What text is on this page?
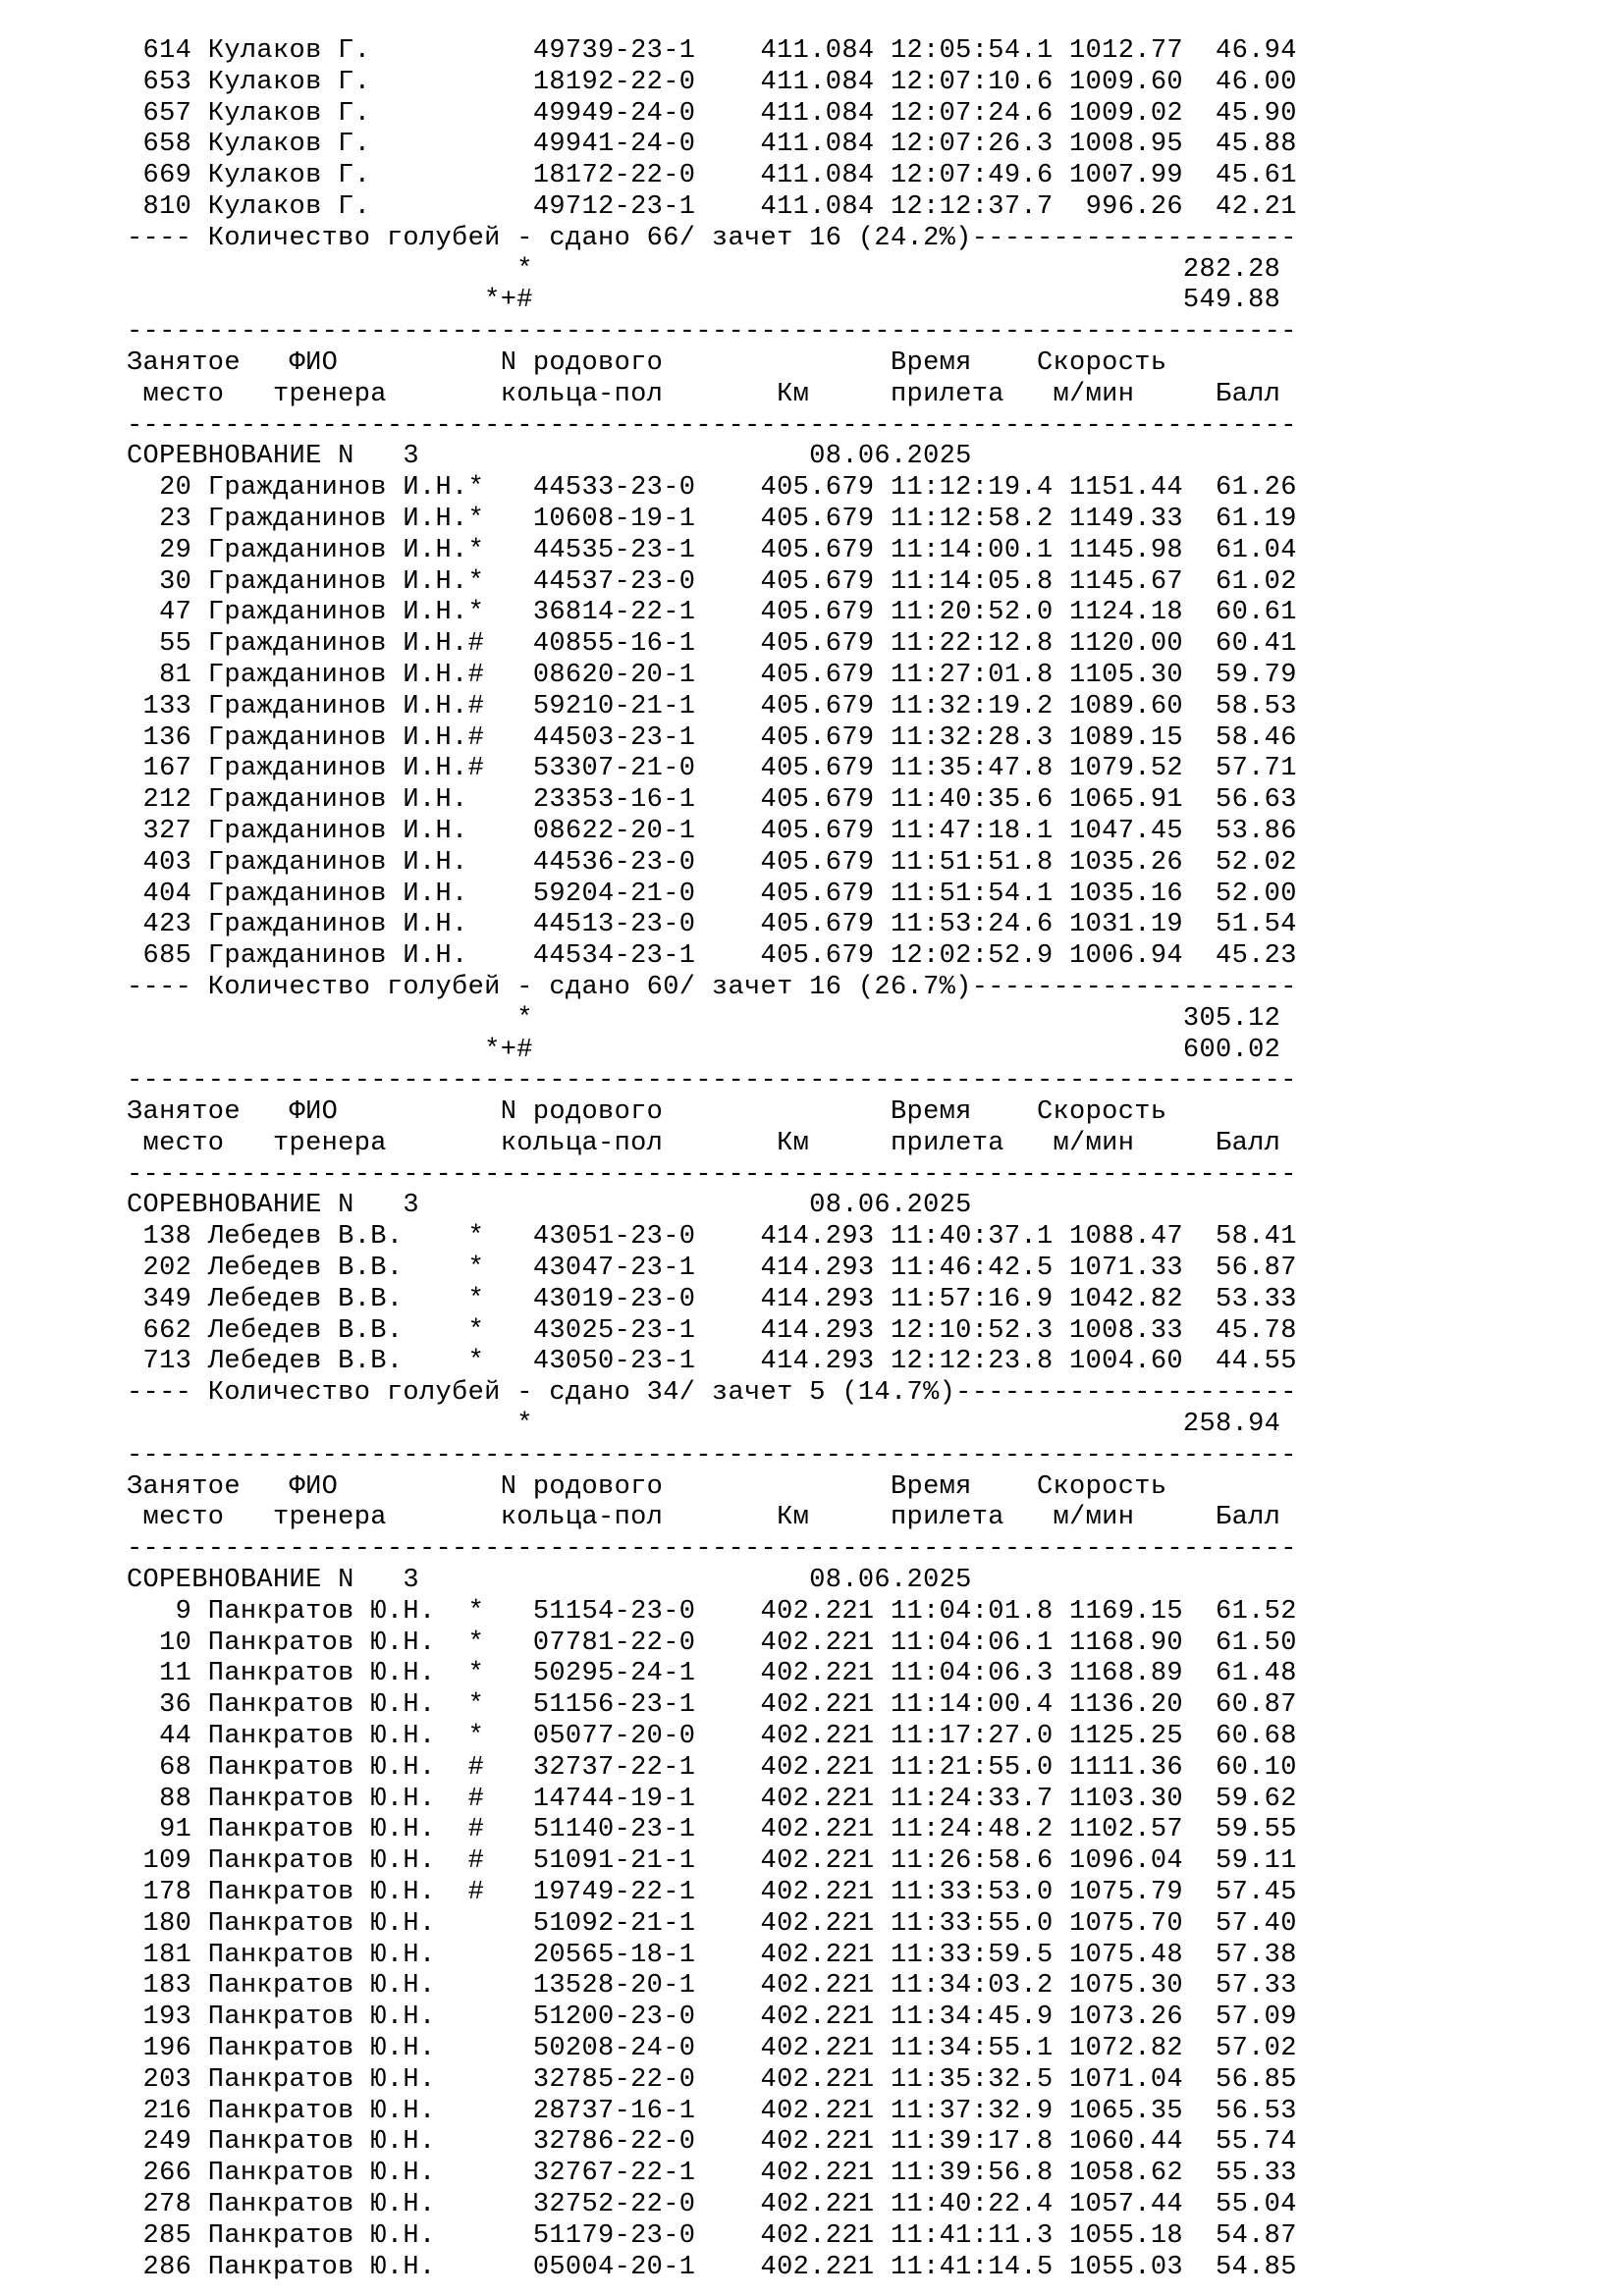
614 Кулаков Г.          49739-23-1    411.084 12:05:54.1 1012.77  46.94
653 Кулаков Г.          18192-22-0    411.084 12:07:10.6 1009.60  46.00
657 Кулаков Г.          49949-24-0    411.084 12:07:24.6 1009.02  45.90
658 Кулаков Г.          49941-24-0    411.084 12:07:26.3 1008.95  45.88
669 Кулаков Г.          18172-22-0    411.084 12:07:49.6 1007.99  45.61
810 Кулаков Г.          49712-23-1    411.084 12:12:37.7  996.26  42.21
---- Количество голубей - сдано 66/ зачет 16 (24.2%)--------------------
*                                        282.28
*+#                                        549.88
------------------------------------------------------------------------
Занятое   ФИО          N родового              Время    Скорость
место   тренера       кольца-пол       Км     прилета   м/мин     Балл
------------------------------------------------------------------------
СОРЕВНОВАНИЕ N   3                        08.06.2025
20 Гражданинов И.Н.*   44533-23-0    405.679 11:12:19.4 1151.44  61.26
23 Гражданинов И.Н.*   10608-19-1    405.679 11:12:58.2 1149.33  61.19
29 Гражданинов И.Н.*   44535-23-1    405.679 11:14:00.1 1145.98  61.04
30 Гражданинов И.Н.*   44537-23-0    405.679 11:14:05.8 1145.67  61.02
47 Гражданинов И.Н.*   36814-22-1    405.679 11:20:52.0 1124.18  60.61
55 Гражданинов И.Н.#   40855-16-1    405.679 11:22:12.8 1120.00  60.41
81 Гражданинов И.Н.#   08620-20-1    405.679 11:27:01.8 1105.30  59.79
133 Гражданинов И.Н.#   59210-21-1    405.679 11:32:19.2 1089.60  58.53
136 Гражданинов И.Н.#   44503-23-1    405.679 11:32:28.3 1089.15  58.46
167 Гражданинов И.Н.#   53307-21-0    405.679 11:35:47.8 1079.52  57.71
212 Гражданинов И.Н.    23353-16-1    405.679 11:40:35.6 1065.91  56.63
327 Гражданинов И.Н.    08622-20-1    405.679 11:47:18.1 1047.45  53.86
403 Гражданинов И.Н.    44536-23-0    405.679 11:51:51.8 1035.26  52.02
404 Гражданинов И.Н.    59204-21-0    405.679 11:51:54.1 1035.16  52.00
423 Гражданинов И.Н.    44513-23-0    405.679 11:53:24.6 1031.19  51.54
685 Гражданинов И.Н.    44534-23-1    405.679 12:02:52.9 1006.94  45.23
---- Количество голубей - сдано 60/ зачет 16 (26.7%)--------------------
*                                        305.12
*+#                                        600.02
------------------------------------------------------------------------
Занятое   ФИО          N родового              Время    Скорость
место   тренера       кольца-пол       Км     прилета   м/мин     Балл
------------------------------------------------------------------------
СОРЕВНОВАНИЕ N   3                        08.06.2025
138 Лебедев В.В.    *   43051-23-0    414.293 11:40:37.1 1088.47  58.41
202 Лебедев В.В.    *   43047-23-1    414.293 11:46:42.5 1071.33  56.87
349 Лебедев В.В.    *   43019-23-0    414.293 11:57:16.9 1042.82  53.33
662 Лебедев В.В.    *   43025-23-1    414.293 12:10:52.3 1008.33  45.78
713 Лебедев В.В.    *   43050-23-1    414.293 12:12:23.8 1004.60  44.55
---- Количество голубей - сдано 34/ зачет 5 (14.7%)---------------------
*                                        258.94
------------------------------------------------------------------------
Занятое   ФИО          N родового              Время    Скорость
место   тренера       кольца-пол       Км     прилета   м/мин     Балл
------------------------------------------------------------------------
СОРЕВНОВАНИЕ N   3                        08.06.2025
9 Панкратов Ю.Н.  *   51154-23-0    402.221 11:04:01.8 1169.15  61.52
10 Панкратов Ю.Н.  *   07781-22-0    402.221 11:04:06.1 1168.90  61.50
11 Панкратов Ю.Н.  *   50295-24-1    402.221 11:04:06.3 1168.89  61.48
36 Панкратов Ю.Н.  *   51156-23-1    402.221 11:14:00.4 1136.20  60.87
44 Панкратов Ю.Н.  *   05077-20-0    402.221 11:17:27.0 1125.25  60.68
68 Панкратов Ю.Н.  #   32737-22-1    402.221 11:21:55.0 1111.36  60.10
88 Панкратов Ю.Н.  #   14744-19-1    402.221 11:24:33.7 1103.30  59.62
91 Панкратов Ю.Н.  #   51140-23-1    402.221 11:24:48.2 1102.57  59.55
109 Панкратов Ю.Н.  #   51091-21-1    402.221 11:26:58.6 1096.04  59.11
178 Панкратов Ю.Н.  #   19749-22-1    402.221 11:33:53.0 1075.79  57.45
180 Панкратов Ю.Н.      51092-21-1    402.221 11:33:55.0 1075.70  57.40
181 Панкратов Ю.Н.      20565-18-1    402.221 11:33:59.5 1075.48  57.38
183 Панкратов Ю.Н.      13528-20-1    402.221 11:34:03.2 1075.30  57.33
193 Панкратов Ю.Н.      51200-23-0    402.221 11:34:45.9 1073.26  57.09
196 Панкратов Ю.Н.      50208-24-0    402.221 11:34:55.1 1072.82  57.02
203 Панкратов Ю.Н.      32785-22-0    402.221 11:35:32.5 1071.04  56.85
216 Панкратов Ю.Н.      28737-16-1    402.221 11:37:32.9 1065.35  56.53
249 Панкратов Ю.Н.      32786-22-0    402.221 11:39:17.8 1060.44  55.74
266 Панкратов Ю.Н.      32767-22-1    402.221 11:39:56.8 1058.62  55.33
278 Панкратов Ю.Н.      32752-22-0    402.221 11:40:22.4 1057.44  55.04
285 Панкратов Ю.Н.      51179-23-0    402.221 11:41:11.3 1055.18  54.87
286 Панкратов Ю.Н.      05004-20-1    402.221 11:41:14.5 1055.03  54.85
